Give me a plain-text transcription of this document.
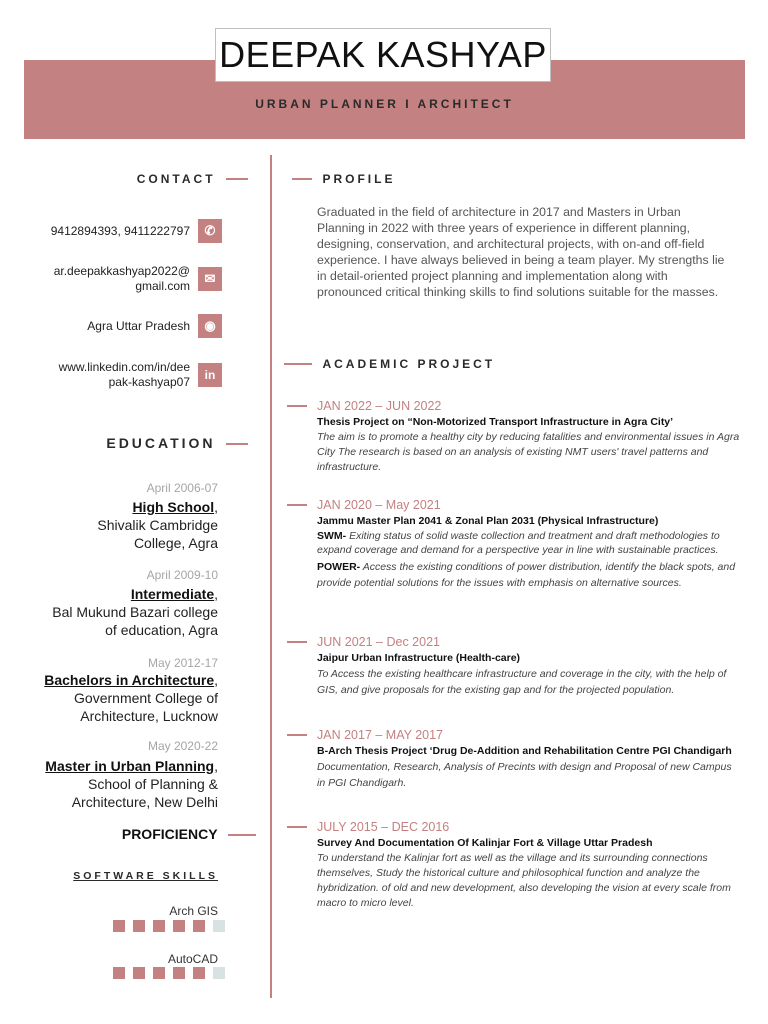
DEEPAK KASHYAP
URBAN PLANNER I ARCHITECT
CONTACT
9412894393, 9411222797	✆
ar.deepakkashyap2022@
gmail.com	✉
Agra Uttar Pradesh	◉
www.linkedin.com/in/dee
pak-kashyap07	in
EDUCATION
April 2006-07
High School,
Shivalik Cambridge
College, Agra
April 2009-10
Intermediate,
Bal Mukund Bazari college
of education, Agra
May 2012-17
Bachelors in Architecture,
Government College of
Architecture, Lucknow
May 2020-22
Master in Urban Planning,
School of Planning &
Architecture, New Delhi
PROFICIENCY
SOFTWARE SKILLS
Arch GIS
AutoCAD
PROFILE
Graduated in the field of architecture in 2017 and Masters in Urban Planning in 2022 with three years of experience in different planning, designing, conservation, and architectural projects, with on-and off-field experience. I have always believed in being a team player. My strengths lie in detail-oriented project planning and implementation along with pronounced critical thinking skills to find solutions suitable for the masses.
ACADEMIC PROJECT
JAN 2022 – JUN 2022
Thesis Project on “Non-Motorized Transport Infrastructure in Agra City’
The aim is to promote a healthy city by reducing fatalities and environmental issues in Agra City The research is based on an analysis of existing NMT users' travel patterns and infrastructure.
JAN 2020 – May 2021
Jammu Master Plan 2041 & Zonal Plan 2031 (Physical Infrastructure)
SWM- Exiting status of solid waste collection and treatment and draft methodologies to expand coverage and demand for a perspective year in line with sustainable practices.
POWER- Access the existing conditions of power distribution, identify the black spots, and provide potential solutions for the issues with emphasis on alternative sources.
JUN 2021 – Dec 2021
Jaipur Urban Infrastructure (Health-care)
To Access the existing healthcare infrastructure and coverage in the city, with the help of GIS, and give proposals for the existing gap and for the projected population.
JAN 2017 – MAY 2017
B-Arch Thesis Project ‘Drug De-Addition and Rehabilitation Centre PGI Chandigarh
Documentation, Research, Analysis of Precints with design and Proposal of new Campus in PGI Chandigarh.
JULY 2015 – DEC 2016
Survey And Documentation Of Kalinjar Fort & Village Uttar Pradesh
To understand the Kalinjar fort as well as the village and its surrounding connections themselves, Study the historical culture and philosophical function and analyze the hybridization. of old and new development, also developing the vision at every scale from macro to micro level.
